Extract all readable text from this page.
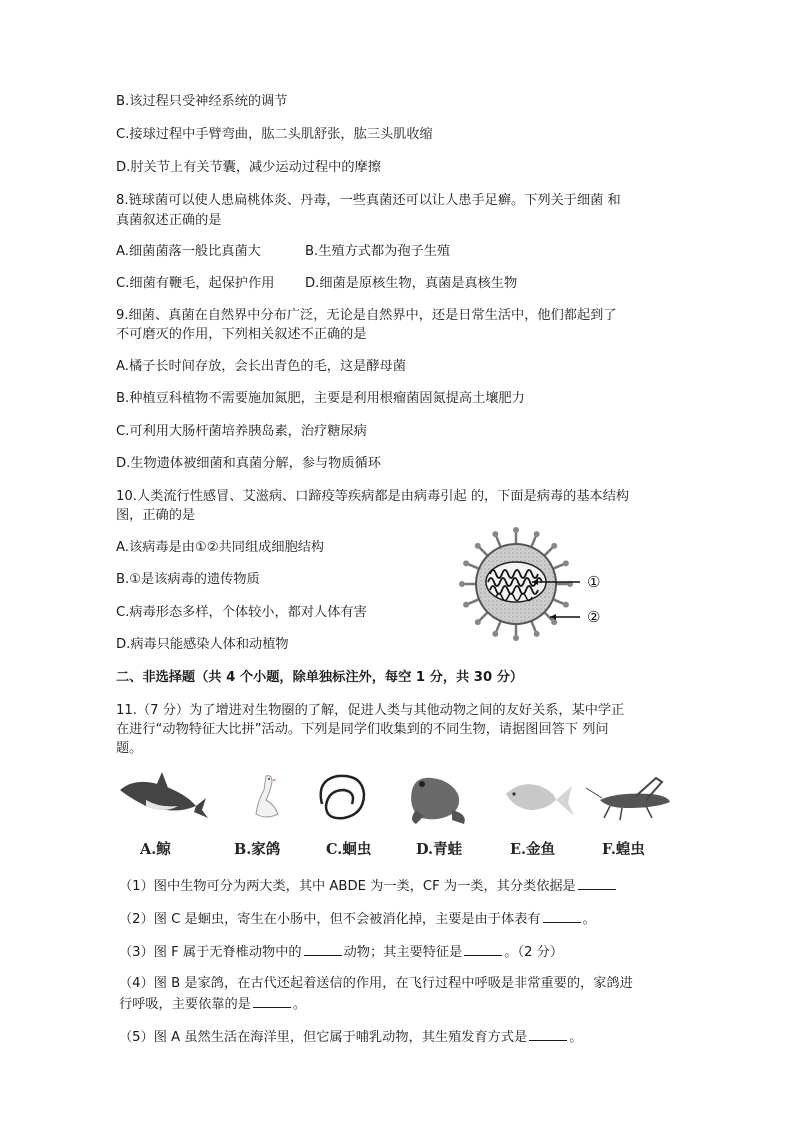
B.该过程只受神经系统的调节
C.接球过程中手臂弯曲，肱二头肌舒张，肱三头肌收缩
D.肘关节上有关节囊，减少运动过程中的摩擦
8.链球菌可以使人患扁桃体炎、丹毒，一些真菌还可以让人患手足癣。下列关于细菌 和
真菌叙述正确的是
A.细菌菌落一般比真菌大	B.生殖方式都为孢子生殖
C.细菌有鞭毛，起保护作用 D.细菌是原核生物，真菌是真核生物
9.细菌、真菌在自然界中分布广泛，无论是自然界中，还是日常生活中，他们都起到了
不可磨灭的作用，下列相关叙述不正确的是
A.橘子长时间存放，会长出青色的毛，这是酵母菌
B.种植豆科植物不需要施加氮肥，主要是利用根瘤菌固氮提高土壤肥力
C.可利用大肠杆菌培养胰岛素，治疗糖尿病
D.生物遗体被细菌和真菌分解，参与物质循环
10.人类流行性感冒、艾滋病、口蹄疫等疾病都是由病毒引起 的，下面是病毒的基本结构
图，正确的是
A.该病毒是由①②共同组成细胞结构
B.①是该病毒的遗传物质
C.病毒形态多样，个体较小，都对人体有害
D.病毒只能感染人体和动植物
①
②
二、非选择题（共 4 个小题，除单独标注外，每空 1 分，共 30 分）
11.（7 分）为了增进对生物圈的了解，促进人类与其他动物之间的友好关系，某中学正
在进行“动物特征大比拼”活动。下列是同学们收集到的不同生物，请据图回答下 列问
题。
A.鲸	B.家鸽	C.蛔虫	D.青蛙	E.金鱼	F.蝗虫
（1）图中生物可分为两大类，其中 ABDE 为一类，CF 为一类，其分类依据是
（2）图 C 是蛔虫，寄生在小肠中，但不会被消化掉，主要是由于体表有	。
（3）图 F 属于无脊椎动物中的	动物；其主要特征是	。（2 分）
（4）图 B 是家鸽，在古代还起着送信的作用，在飞行过程中呼吸是非常重要的，家鸽进
行呼吸，主要依靠的是	。
（5）图 A 虽然生活在海洋里，但它属于哺乳动物，其生殖发育方式是	。
